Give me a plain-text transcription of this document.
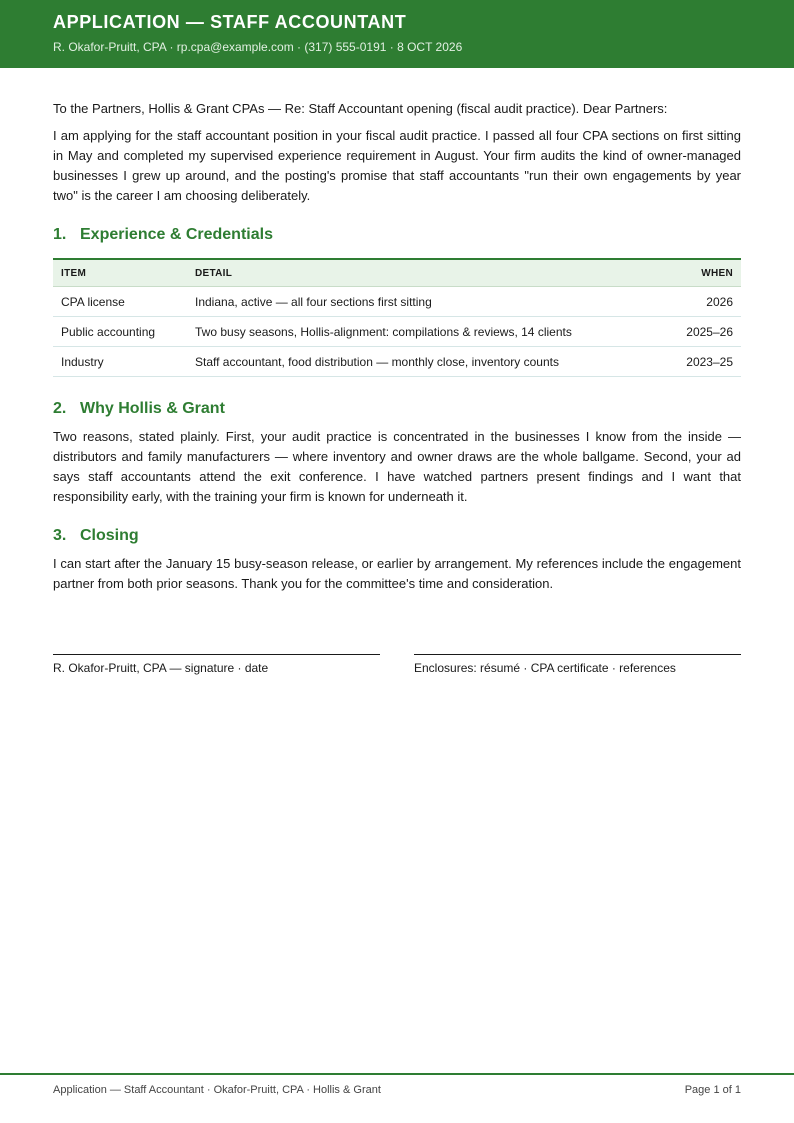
APPLICATION — STAFF ACCOUNTANT
R. Okafor-Pruitt, CPA · rp.cpa@example.com · (317) 555-0191 · 8 OCT 2026

To the Partners, Hollis & Grant CPAs — Re: Staff Accountant opening (fiscal audit practice). Dear Partners:

I am applying for the staff accountant position in your fiscal audit practice. I passed all four CPA sections on first sitting in May and completed my supervised experience requirement in August. Your firm audits the kind of owner-managed businesses I grew up around, and the posting's promise that staff accountants "run their own engagements by year two" is the career I am choosing deliberately.

1. Experience & Credentials
ITEM	DETAIL	WHEN
CPA license	Indiana, active — all four sections first sitting	2026
Public accounting	Two busy seasons, Hollis-alignment: compilations & reviews, 14 clients	2025–26
Industry	Staff accountant, food distribution — monthly close, inventory counts	2023–25
2. Why Hollis & Grant

Two reasons, stated plainly. First, your audit practice is concentrated in the businesses I know from the inside — distributors and family manufacturers — where inventory and owner draws are the whole ballgame. Second, your ad says staff accountants attend the exit conference. I have watched partners present findings and I want that responsibility early, with the training your firm is known for underneath it.

3. Closing

I can start after the January 15 busy-season release, or earlier by arrangement. My references include the engagement partner from both prior seasons. Thank you for the committee's time and consideration.

R. Okafor-Pruitt, CPA — signature · date	Enclosures: résumé · CPA certificate · references
Application — Staff Accountant · Okafor-Pruitt, CPA · Hollis & Grant	Page 1 of 1
